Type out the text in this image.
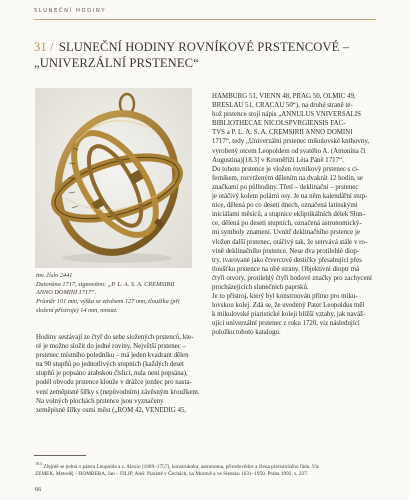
SLUNEČNÍ HODINY
31 / SLUNEČNÍ HODINY ROVNÍKOVÉ PRSTENCOVÉ –
„UNIVERZÁLNÍ PRSTENEC“
inv. číslo 2441
Datováno 1717, signováno: „P. L. A. S. A. CREMSIBII
ANNO DOMINI 1717“.
Průměr 101 mm, výška se závěsem 127 mm, tloušťka (při
složení přístroje) 14 mm, mosaz.
HAMBURG 51, VIENN 48, PRAG 50, OLMIC 49,
BRESLAU 51, CRACAU 50“), na druhé straně té-
hož prstence stojí nápis „ANNULUS VNIVERSALIS
BIBLIOTHECAE NICOLSPVRGIENSIS FAC-
TVS a P. L. A. S. A. CREMSIRII ANNO DOMINI
1717“, tedy „Univerzální prstenec mikulovské knihovny,
vyrobený otcem Leopoldem od svatého A. (Antonína či
Augustina)[18.3] v Kroměříži Léta Páně 1717“.
Do tohoto prstence je vložen rovníkový prstenec s ci-
ferníkem, rozvrženým dělením na dvakrát 12 hodin, se
značkami po půlhodiny. Třetí – deklinační – prstenec
je otáčivý kolem polární osy. Je na něm kalendářní stup-
nice, dělená po co deseti dnech, označená latinskými
iniciálami měsíců, a stupnice ekliptikálních délek Slun-
ce, dělená po deseti stupních, označená astronomický-
mi symboly znamení. Uvnitř deklinačního prstence je
vložen další prstenec, otáčivý tak, že setrvává stále v ro-
vině deklinačního prstence. Nese dva protilehlé diop-
try, tvarované jako čtvercové destičky přesahující přes
tloušťku prstence na obě strany. Objektivní dioptr má
čtyři otvory, protilehlý čtyři bodové značky pro zachycení
procházejících slunečních paprsků.
Je to přístroj, který byl konstruován přímo pro miku-
lovskou kolej. Zdá se, že uvedený Pater Leopoldus měl
k mikulovské piaristické koleji bližší vztahy, jak naváž-
ující univerzální prstenec z roku 1720, viz následující
položku tohoto katalogu.
Hodiny sestávají ze čtyř do sebe složených prstenců, kte-
ré je možno složit do jedné roviny. Největší prstenec –
prstenec místního poledníku – má jeden kvadrant dělen
na 90 stupňů po jednotlivých stupních (každých deset
stupňů je popsáno arabskou číslicí, nula není popsána),
podél obvodu prstence klouže v drážce jezdec pro nasta-
vení zeměpisné šířky s (nepůvodním) závěsným kroužkem.
Na volných plochách prstence jsou vyznačeny
zeměpisné šířky osmi měst („ROM 42, VENEDIG 45,
$^{18.3}$ Zřejmě se jedná o páterа Leopolda a s. Alexio (1689–1757), konstruktéra, astronoma, přírodovědce a člena piaristického řádu. Viz
ZEMEK, Metoděj – ROMBERA, Jan – FILIP, Aleš: Piaristé v Čechách, na Moravě a ve Slezsku 1631–1950. Praha 1992, s. 237.
66
